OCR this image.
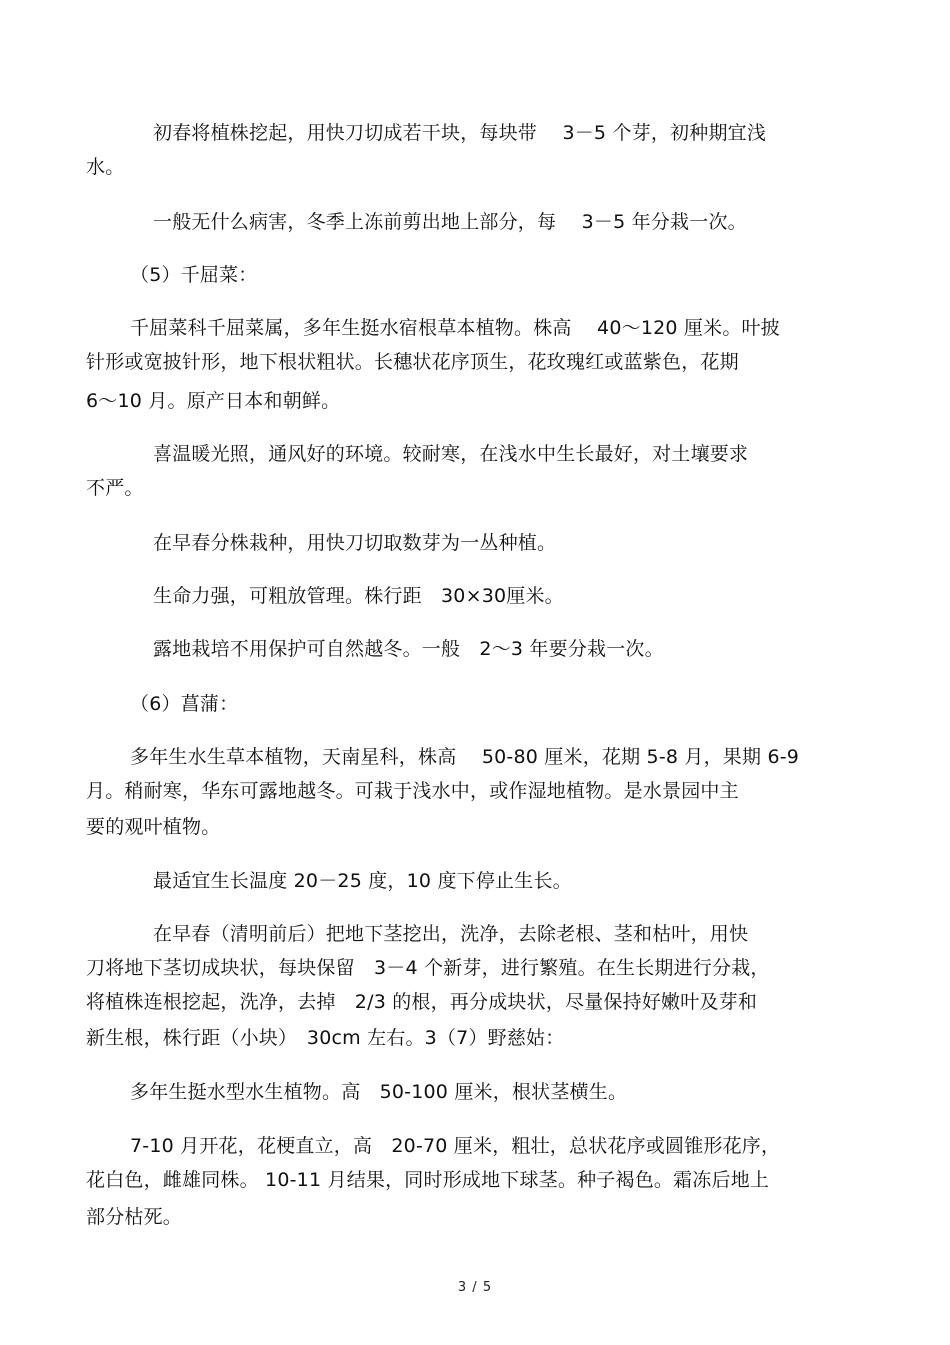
初春将植株挖起，用快刀切成若干块，每块带　 3－5 个芽，初种期宜浅
水。
一般无什么病害，冬季上冻前剪出地上部分，每　 3－5 年分栽一次。
（5）千屈菜：
千屈菜科千屈菜属，多年生挺水宿根草本植物。株高　 40～120 厘米。叶披
针形或宽披针形，地下根状粗状。长穗状花序顶生，花玫瑰红或蓝紫色，花期
6～10 月。原产日本和朝鲜。
喜温暖光照，通风好的环境。较耐寒，在浅水中生长最好，对土壤要求
不严。
在早春分株栽种，用快刀切取数芽为一丛种植。
生命力强，可粗放管理。株行距　30×30厘米。
露地栽培不用保护可自然越冬。一般　2～3 年要分栽一次。
（6）菖蒲：
多年生水生草本植物，天南星科，株高　 50-80 厘米，花期 5-8 月，果期 6-9
月。稍耐寒，华东可露地越冬。可栽于浅水中，或作湿地植物。是水景园中主
要的观叶植物。
最适宜生长温度 20－25 度，10 度下停止生长。
在早春（清明前后）把地下茎挖出，洗净，去除老根、茎和枯叶，用快
刀将地下茎切成块状，每块保留　3－4 个新芽，进行繁殖。在生长期进行分栽，
将植株连根挖起，洗净，去掉　2/3 的根，再分成块状，尽量保持好嫩叶及芽和
新生根，株行距（小块）　30cm 左右。3（7）野慈姑：
多年生挺水型水生植物。高　50-100 厘米，根状茎横生。
7-10 月开花，花梗直立，高　20-70 厘米，粗壮，总状花序或圆锥形花序，
花白色，雌雄同株。 10-11 月结果，同时形成地下球茎。种子褐色。霜冻后地上
部分枯死。
3 / 5
